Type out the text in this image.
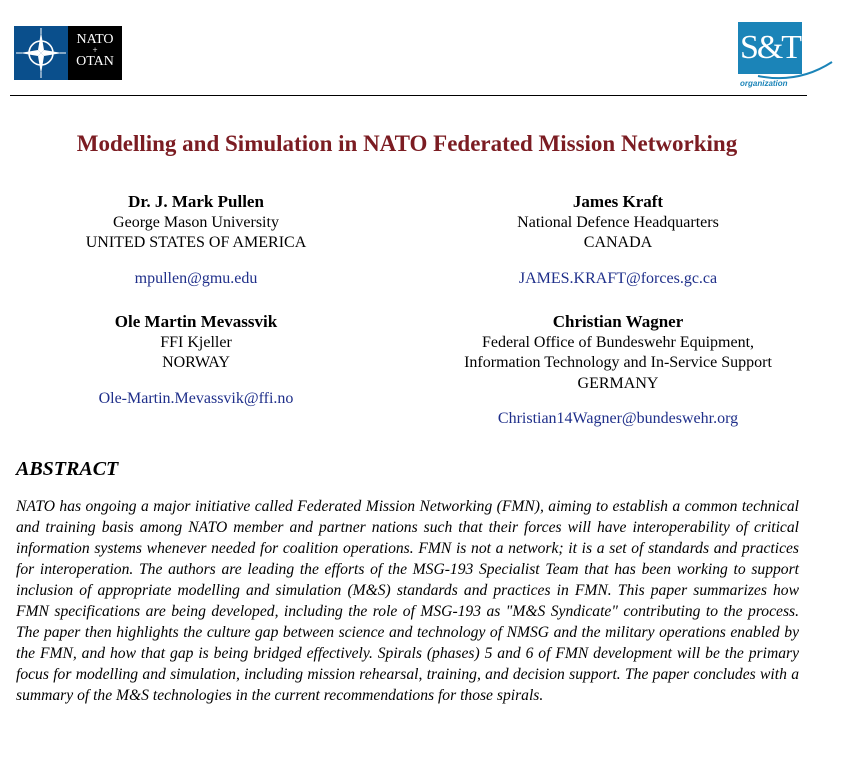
NATO
+
OTAN	S&T
organization
Modelling and Simulation in NATO Federated Mission Networking
Dr. J. Mark Pullen
George Mason University
UNITED STATES OF AMERICA
mpullen@gmu.edu
James Kraft
National Defence Headquarters
CANADA
JAMES.KRAFT@forces.gc.ca
Ole Martin Mevassvik
FFI Kjeller
NORWAY
Ole-Martin.Mevassvik@ffi.no
Christian Wagner
Federal Office of Bundeswehr Equipment,
Information Technology and In-Service Support
GERMANY
Christian14Wagner@bundeswehr.org
ABSTRACT
NATO has ongoing a major initiative called Federated Mission Networking (FMN), aiming to establish a common technical and training basis among NATO member and partner nations such that their forces will have interoperability of critical information systems whenever needed for coalition operations. FMN is not a network; it is a set of standards and practices for interoperation. The authors are leading the efforts of the MSG-193 Specialist Team that has been working to support inclusion of appropriate modelling and simulation (M&S) standards and practices in FMN. This paper summarizes how FMN specifications are being developed, including the role of MSG-193 as "M&S Syndicate" contributing to the process. The paper then highlights the culture gap between science and technology of NMSG and the military operations enabled by the FMN, and how that gap is being bridged effectively. Spirals (phases) 5 and 6 of FMN development will be the primary focus for modelling and simulation, including mission rehearsal, training, and decision support. The paper concludes with a summary of the M&S technologies in the current recommendations for those spirals.
